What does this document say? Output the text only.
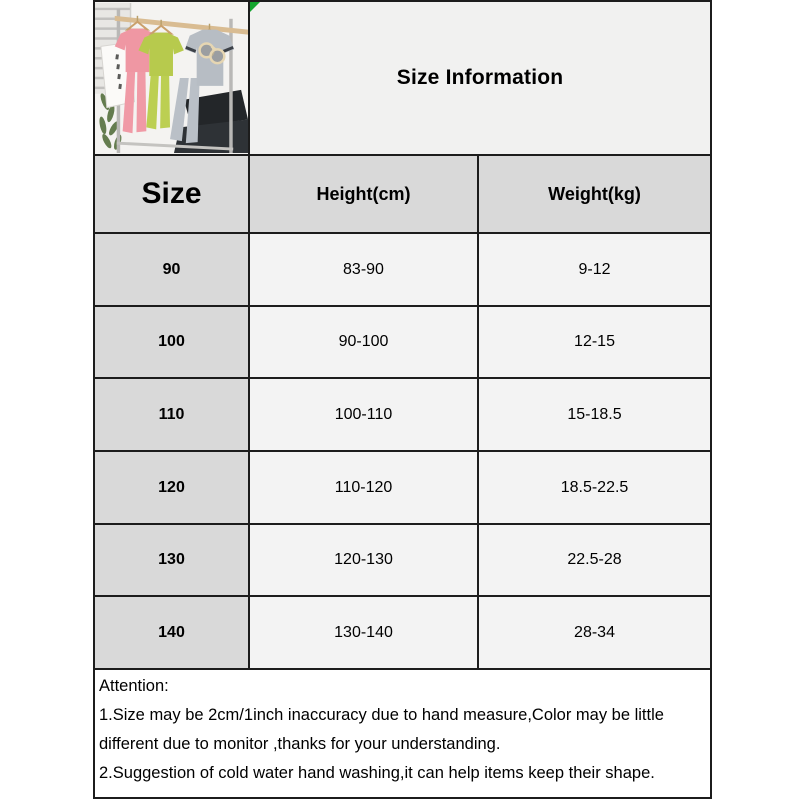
Size Information	
Size	Height(cm)	Weight(kg)
90	83-90	9-12
100	90-100	12-15
110	100-110	15-18.5
120	110-120	18.5-22.5
130	120-130	22.5-28
140	130-140	28-34

Attention:
1.Size may be 2cm/1inch inaccuracy due to hand measure,Color may be little
different due to monitor ,thanks for your understanding.
2.Suggestion of cold water hand washing,it can help items keep their shape.		
